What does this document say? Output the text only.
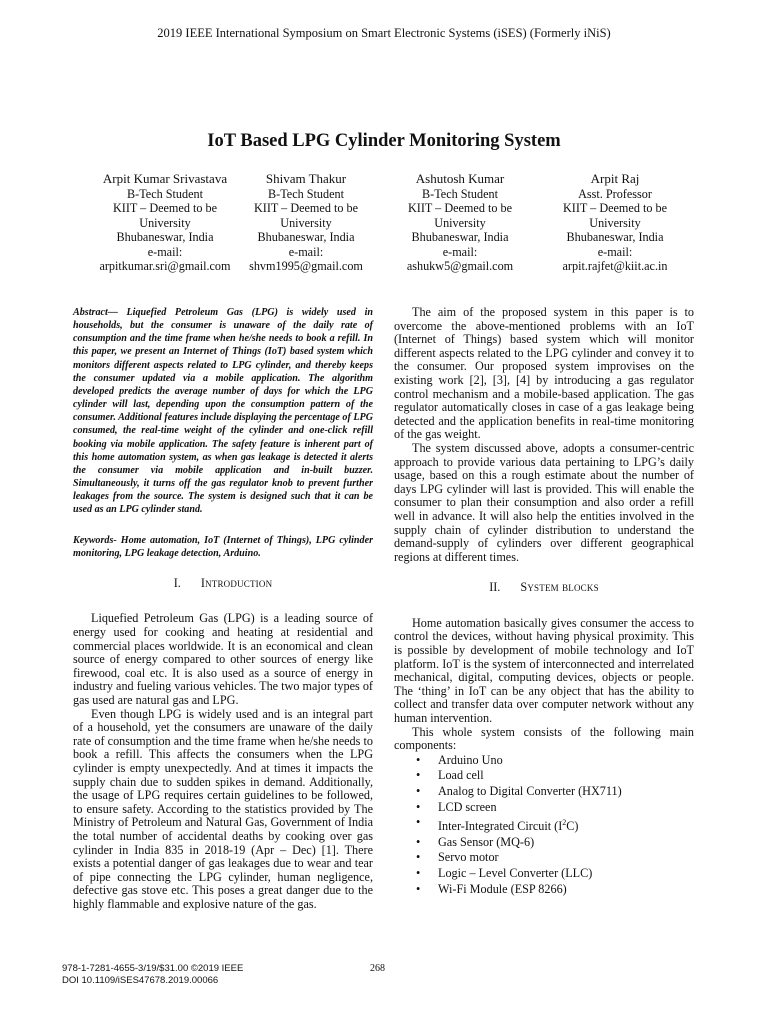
2019 IEEE International Symposium on Smart Electronic Systems (iSES) (Formerly iNiS)
IoT Based LPG Cylinder Monitoring System
Arpit Kumar Srivastava
B-Tech Student
KIIT – Deemed to be
University
Bhubaneswar, India
e-mail:
arpitkumar.sri@gmail.com
Shivam Thakur
B-Tech Student
KIIT – Deemed to be
University
Bhubaneswar, India
e-mail:
shvm1995@gmail.com
Ashutosh Kumar
B-Tech Student
KIIT – Deemed to be
University
Bhubaneswar, India
e-mail:
ashukw5@gmail.com
Arpit Raj
Asst. Professor
KIIT – Deemed to be
University
Bhubaneswar, India
e-mail:
arpit.rajfet@kiit.ac.in

Abstract— Liquefied Petroleum Gas (LPG) is widely used in households, but the consumer is unaware of the daily rate of consumption and the time frame when he/she needs to book a refill. In this paper, we present an Internet of Things (IoT) based system which monitors different aspects related to LPG cylinder, and thereby keeps the consumer updated via a mobile application. The algorithm developed predicts the average number of days for which the LPG cylinder will last, depending upon the consumption pattern of the consumer. Additional features include displaying the percentage of LPG consumed, the real-time weight of the cylinder and one-click refill booking via mobile application. The safety feature is inherent part of this home automation system, as when gas leakage is detected it alerts the consumer via mobile application and in-built buzzer. Simultaneously, it turns off the gas regulator knob to prevent further leakages from the source. The system is designed such that it can be used as an LPG cylinder stand.

Keywords- Home automation, IoT (Internet of Things), LPG cylinder monitoring, LPG leakage detection, Arduino.

I. Introduction

Liquefied Petroleum Gas (LPG) is a leading source of energy used for cooking and heating at residential and commercial places worldwide. It is an economical and clean source of energy compared to other sources of energy like firewood, coal etc. It is also used as a source of energy in industry and fueling various vehicles. The two major types of gas used are natural gas and LPG.

Even though LPG is widely used and is an integral part of a household, yet the consumers are unaware of the daily rate of consumption and the time frame when he/she needs to book a refill. This affects the consumers when the LPG cylinder is empty unexpectedly. And at times it impacts the supply chain due to sudden spikes in demand. Additionally, the usage of LPG requires certain guidelines to be followed, to ensure safety. According to the statistics provided by The Ministry of Petroleum and Natural Gas, Government of India the total number of accidental deaths by cooking over gas cylinder in India 835 in 2018-19 (Apr – Dec) [1]. There exists a potential danger of gas leakages due to wear and tear of pipe connecting the LPG cylinder, human negligence, defective gas stove etc. This poses a great danger due to the highly flammable and explosive nature of the gas.

The aim of the proposed system in this paper is to overcome the above-mentioned problems with an IoT (Internet of Things) based system which will monitor different aspects related to the LPG cylinder and convey it to the consumer. Our proposed system improvises on the existing work [2], [3], [4] by introducing a gas regulator control mechanism and a mobile-based application. The gas regulator automatically closes in case of a gas leakage being detected and the application benefits in real-time monitoring of the gas weight.

The system discussed above, adopts a consumer-centric approach to provide various data pertaining to LPG’s daily usage, based on this a rough estimate about the number of days LPG cylinder will last is provided. This will enable the consumer to plan their consumption and also order a refill well in advance. It will also help the entities involved in the supply chain of cylinder distribution to understand the demand-supply of cylinders over different geographical regions at different times.

II. System blocks

Home automation basically gives consumer the access to control the devices, without having physical proximity. This is possible by development of mobile technology and IoT platform. IoT is the system of interconnected and interrelated mechanical, digital, computing devices, objects or people. The ‘thing’ in IoT can be any object that has the ability to collect and transfer data over computer network without any human intervention.

This whole system consists of the following main components:

• Arduino Uno
• Load cell
• Analog to Digital Converter (HX711)
• LCD screen
• Inter-Integrated Circuit $(I^2C)$
• Gas Sensor (MQ-6)
• Servo motor
• Logic – Level Converter (LLC)
• Wi-Fi Module (ESP 8266)
978-1-7281-4655-3/19/$31.00 ©2019 IEEE
DOI 10.1109/iSES47678.2019.00066
268
